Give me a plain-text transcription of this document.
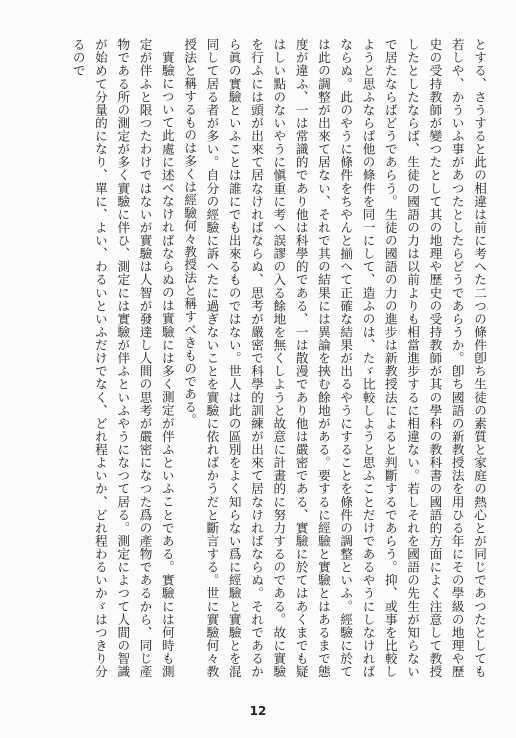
とする、さうすると此の相違は前に考へた二つの條件卽ち生徒の素質と家庭の熱心とが同じであつたとしても若しや、かういふ事があつたとしたらどうであらうか。卽ち國語の新教授法を用ひる年にその學級の地理や歷史の受持教師が變つたとして其の地理や歷史の受持教師が其の學科の教科書の國語的方面によく注意して教授したとしたならば、生徒の國語の力は以前よりも相當進步するに相違ない。若しそれを國語の先生が知らないで居たならばどうであらう。生徒の國語の力の進步は新教授法によると判斷するであらう。抑、或事を比較しようと思ふならば他の條件を同一にして、造ふのは、たゞ比較しようと思ふことだけであるやうにしなければならぬ。此のやうに條件をちやんと揃へて正確な結果が出るやうにすることを條件の調整といふ。經驗に於ては此の調整が出來て居ない、それで其の結果には異論を挾む餘地がある。要するに經驗と實驗とはあるまで態度が違ふ、一は常識的であり他は科學的である、一は散漫であり他は嚴密である、實驗に於てはあくまでも疑はしい點のないやうに愼重に考へ誤謬の入る餘地を無くしようと故意に計畫的に努力するのである。故に實驗を行ふには頭が出來て居なければならぬ、思考が嚴密で科學的訓練が出來て居なければならぬ。それであるから眞の實驗といふことは誰にでも出來るものではない。世人は此の區別をよく知らない爲に經驗と實驗とを混同して居る者が多い。自分の經驗に訴へたに過ぎないことを實驗に依ればかうだと斷言する。世に實驗何々教授法と稱するものは多くは經驗何々教授法と稱すべきものである。

實驗について此處に述べなければならぬのは實驗には多く測定が伴ふといふことである。實驗には何時も測定が伴ふと限つたわけではないが實驗は人智が發達し人間の思考が嚴密になつた爲の產物であるから、同じ產物である所の測定が多く實驗に伴ひ、測定には實驗が伴ふといふやうになつて居る。測定によつて人間の智識が始めて分量的になり、單に、よい、わるいといふだけでなく、どれ程よいか、どれ程わるいかゞはつきり分るので

12
